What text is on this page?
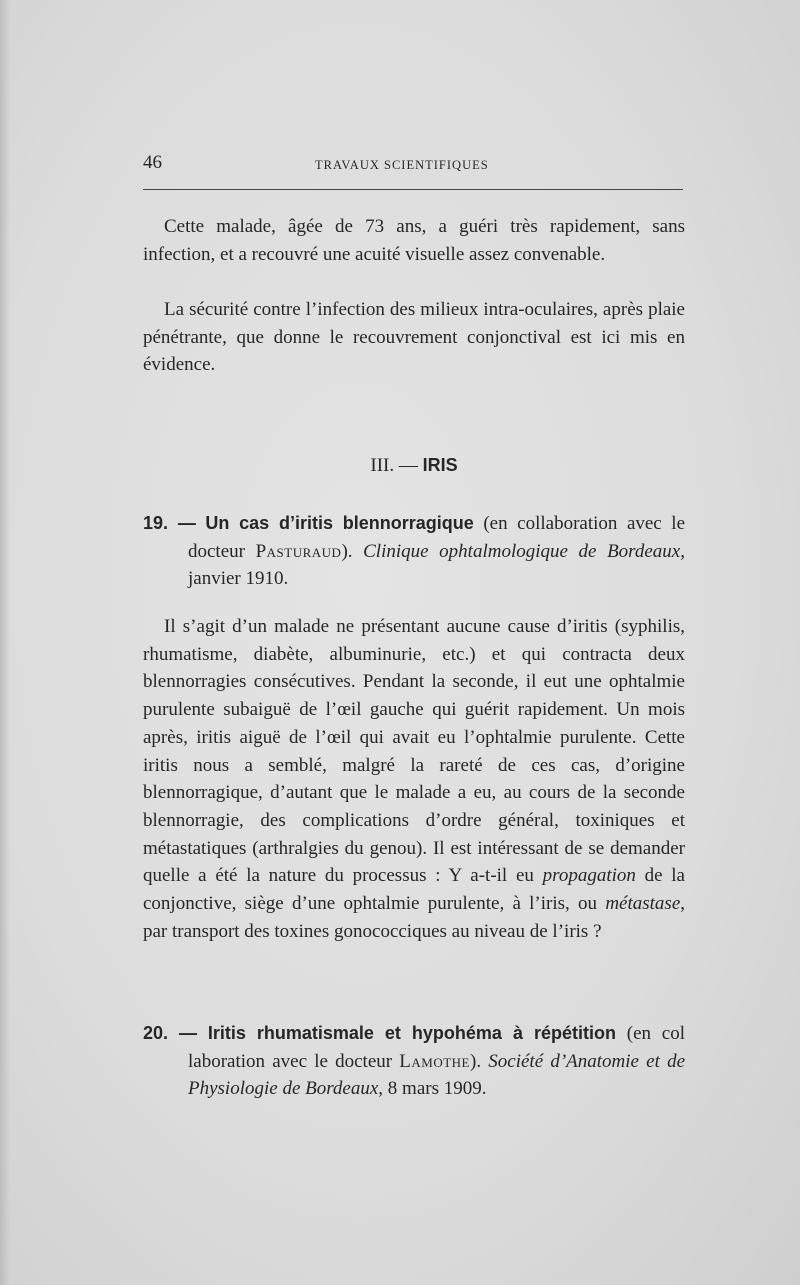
46	TRAVAUX SCIENTIFIQUES

Cette malade, âgée de 73 ans, a guéri très rapidement, sans infection, et a recouvré une acuité visuelle assez convenable.

La sécurité contre l’infection des milieux intra-oculaires, après plaie pénétrante, que donne le recouvrement conjonctival est ici mis en évidence.

III. — IRIS
19. — Un cas d’iritis blennorragique (en collaboration avec le docteur Pasturaud). Clinique ophtalmologique de Bordeaux, janvier 1910.

Il s’agit d’un malade ne présentant aucune cause d’iritis (syphilis, rhumatisme, diabète, albuminurie, etc.) et qui contracta deux blennorragies consécutives. Pendant la seconde, il eut une ophtalmie purulente subaiguë de l’œil gauche qui guérit rapidement. Un mois après, iritis aiguë de l’œil qui avait eu l’ophtalmie purulente. Cette iritis nous a semblé, malgré la rareté de ces cas, d’origine blennorragique, d’autant que le malade a eu, au cours de la seconde blennorragie, des complications d’ordre général, toxiniques et métastatiques (arthralgies du genou). Il est intéressant de se demander quelle a été la nature du processus : Y a-t-il eu propagation de la conjonctive, siège d’une ophtalmie purulente, à l’iris, ou métastase, par transport des toxines gonococciques au niveau de l’iris ?

20. — Iritis rhumatismale et hypohéma à répétition (en col laboration avec le docteur Lamothe). Société d’Anatomie et de Physiologie de Bordeaux, 8 mars 1909.
